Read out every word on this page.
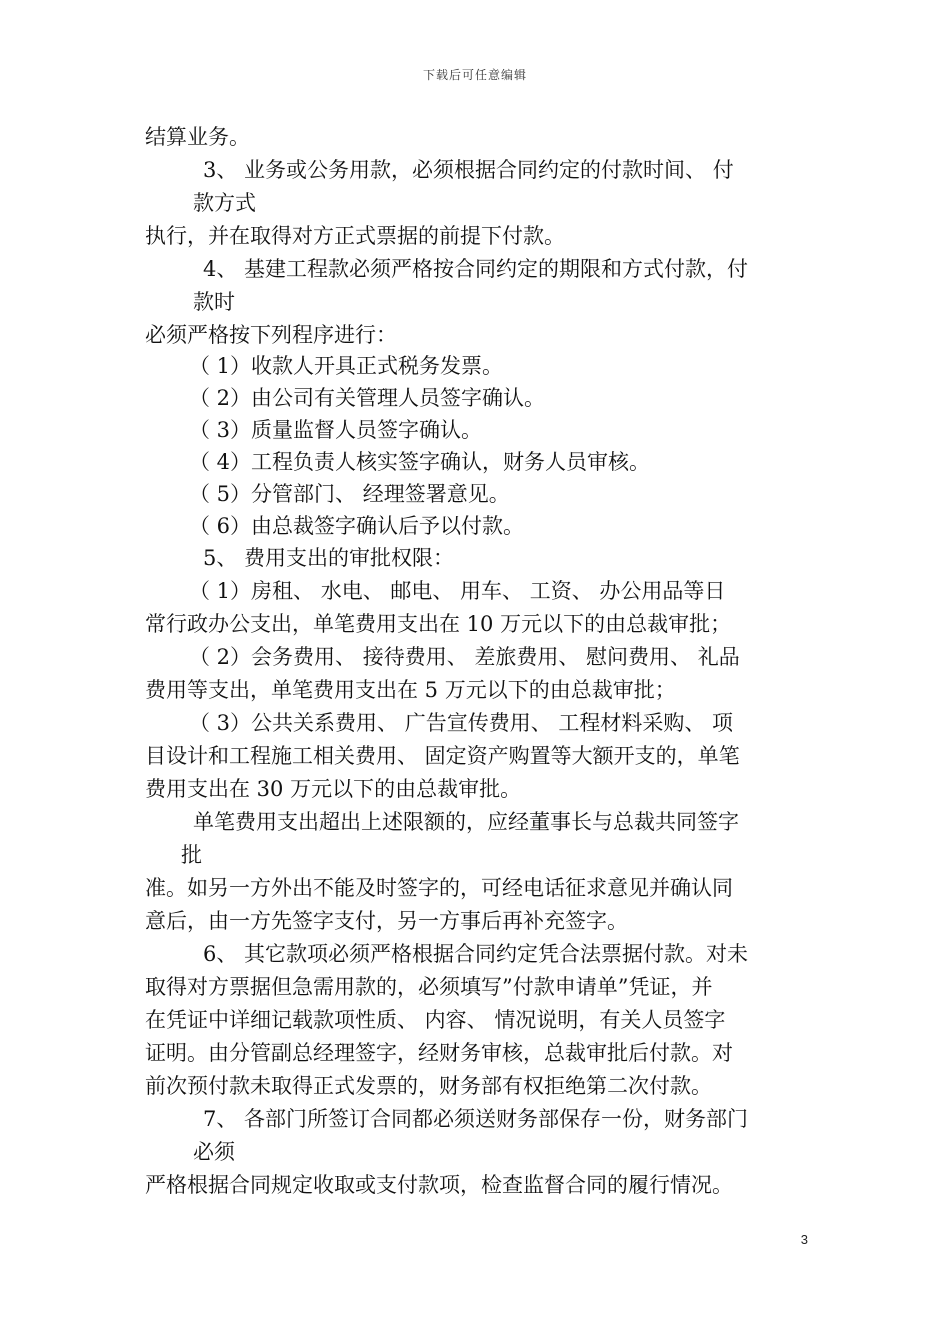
下载后可任意编辑
结算业务。
3、 业务或公务用款，必须根据合同约定的付款时间、 付
款方式
执行，并在取得对方正式票据的前提下付款。
4、 基建工程款必须严格按合同约定的期限和方式付款，付
款时
必须严格按下列程序进行：
（ 1）收款人开具正式税务发票。
（ 2）由公司有关管理人员签字确认。
（ 3）质量监督人员签字确认。
（ 4）工程负责人核实签字确认，财务人员审核。
（ 5）分管部门、 经理签署意见。
（ 6）由总裁签字确认后予以付款。
5、 费用支出的审批权限：
（ 1）房租、 水电、 邮电、 用车、 工资、 办公用品等日
常行政办公支出，单笔费用支出在 10 万元以下的由总裁审批；
（ 2）会务费用、 接待费用、 差旅费用、 慰问费用、 礼品
费用等支出，单笔费用支出在 5 万元以下的由总裁审批；
（ 3）公共关系费用、 广告宣传费用、 工程材料采购、 项
目设计和工程施工相关费用、 固定资产购置等大额开支的，单笔
费用支出在 30 万元以下的由总裁审批。
单笔费用支出超出上述限额的，应经董事长与总裁共同签字
批
准。如另一方外出不能及时签字的，可经电话征求意见并确认同
意后，由一方先签字支付，另一方事后再补充签字。
6、 其它款项必须严格根据合同约定凭合法票据付款。对未
取得对方票据但急需用款的，必须填写”付款申请单”凭证，并
在凭证中详细记载款项性质、 内容、 情况说明，有关人员签字
证明。由分管副总经理签字，经财务审核，总裁审批后付款。对
前次预付款未取得正式发票的，财务部有权拒绝第二次付款。
7、 各部门所签订合同都必须送财务部保存一份，财务部门
必须
严格根据合同规定收取或支付款项，检查监督合同的履行情况。
3
